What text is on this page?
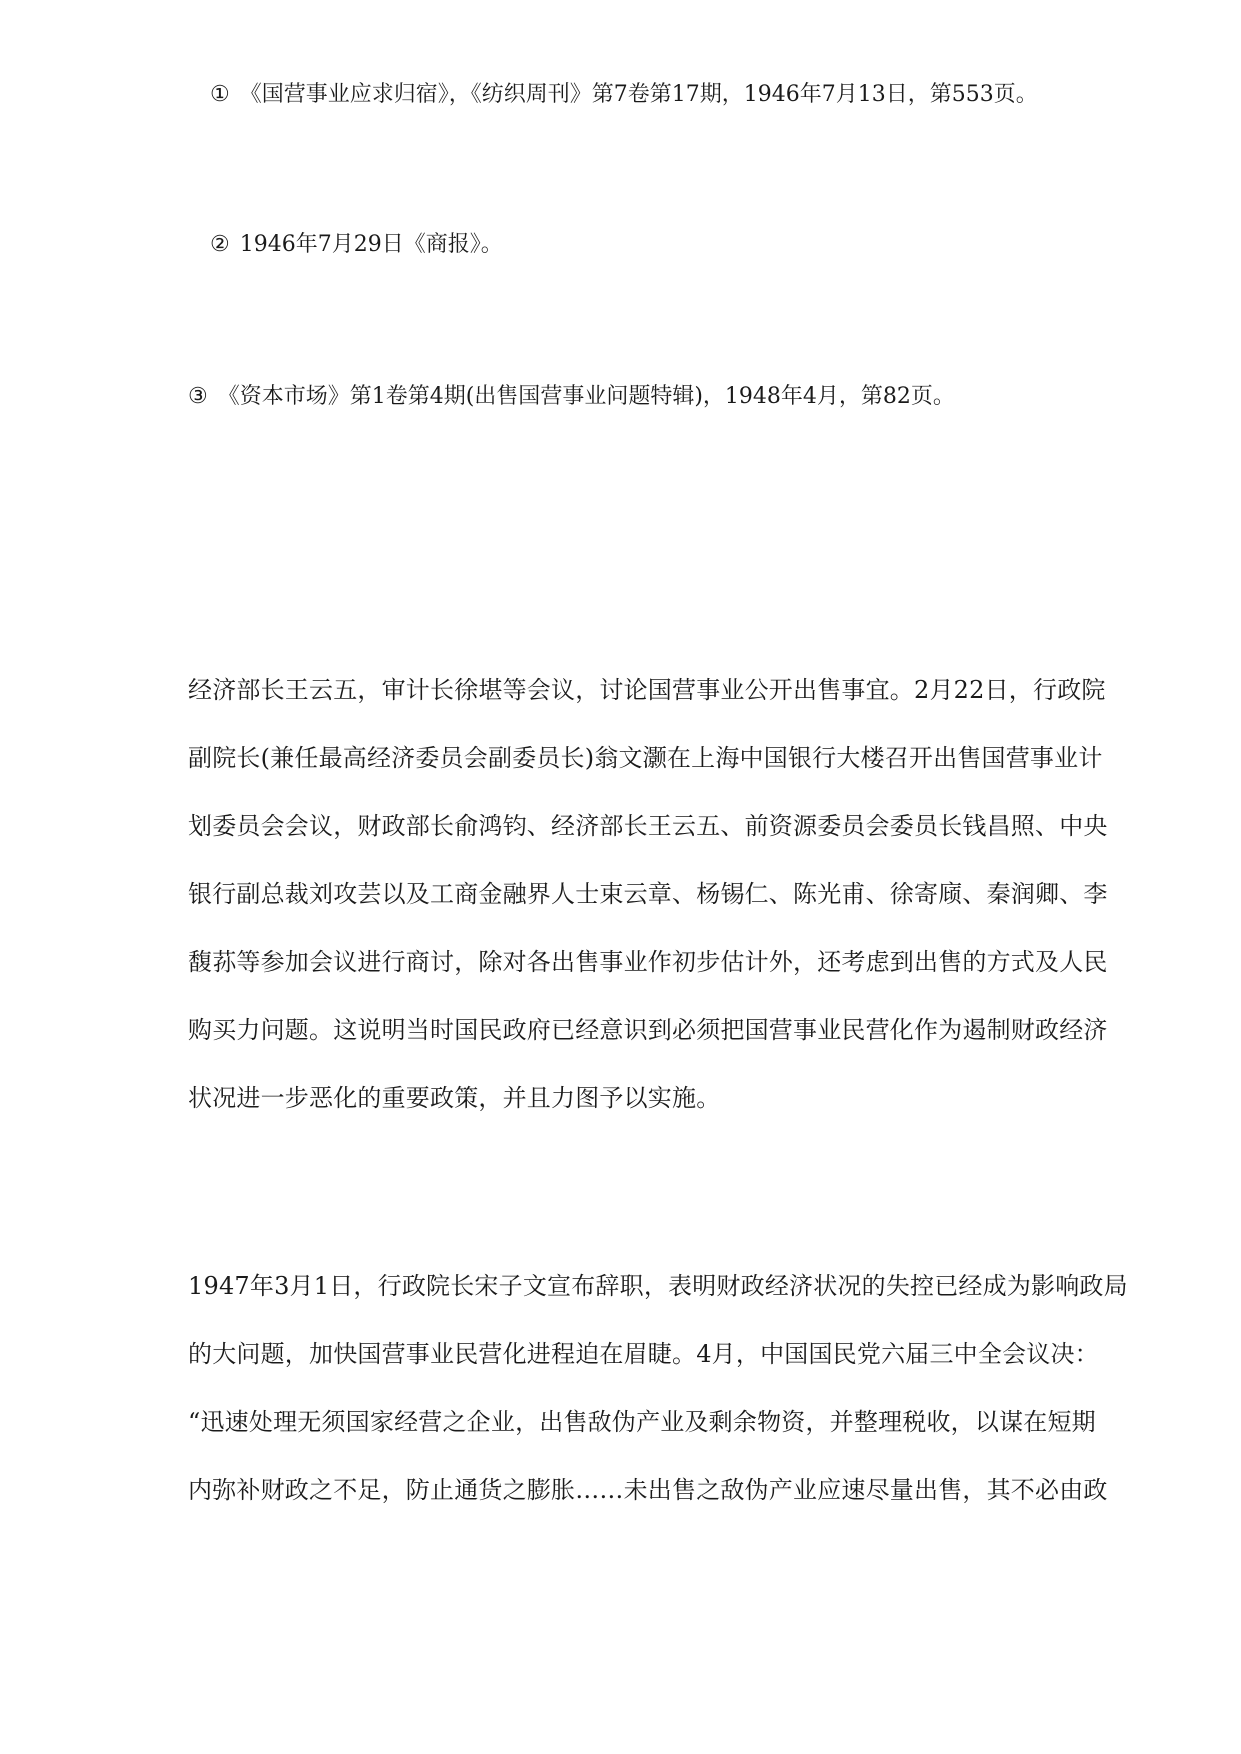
① 《国营事业应求归宿》，《纺织周刊》第7卷第17期，1946年7月13日，第553页。
② 1946年7月29日《商报》。
③ 《资本市场》第1卷第4期(出售国营事业问题特辑)，1948年4月，第82页。
经济部长王云五，审计长徐堪等会议，讨论国营事业公开出售事宜。2月22日，行政院
副院长(兼任最高经济委员会副委员长)翁文灏在上海中国银行大楼召开出售国营事业计
划委员会会议，财政部长俞鸿钧、经济部长王云五、前资源委员会委员长钱昌照、中央
银行副总裁刘攻芸以及工商金融界人士束云章、杨锡仁、陈光甫、徐寄庼、秦润卿、李
馥荪等参加会议进行商讨，除对各出售事业作初步估计外，还考虑到出售的方式及人民
购买力问题。这说明当时国民政府已经意识到必须把国营事业民营化作为遏制财政经济
状况进一步恶化的重要政策，并且力图予以实施。
1947年3月1日，行政院长宋子文宣布辞职，表明财政经济状况的失控已经成为影响政局
的大问题，加快国营事业民营化进程迫在眉睫。4月，中国国民党六届三中全会议决：
“迅速处理无须国家经营之企业，出售敌伪产业及剩余物资，并整理税收，以谋在短期
内弥补财政之不足，防止通货之膨胀……未出售之敌伪产业应速尽量出售，其不必由政
